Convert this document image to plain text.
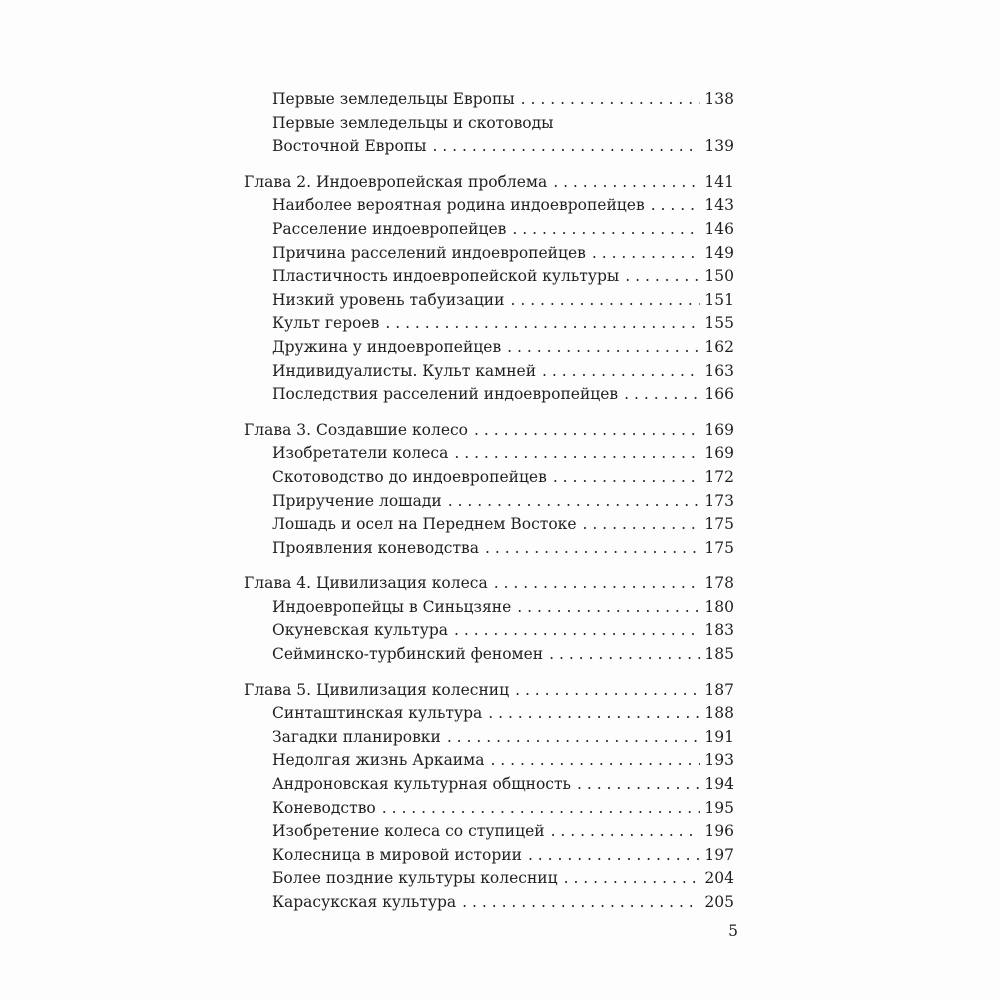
Первые земледельцы Европы . . .	138
Первые земледельцы и скотоводы
Восточной Европы . . .	139
Глава 2. Индоевропейская проблема . . .	141
Наиболее вероятная родина индоевропейцев . . .	143
Расселение индоевропейцев . . .	146
Причина расселений индоевропейцев . . .	149
Пластичность индоевропейской культуры . . .	150
Низкий уровень табуизации . . .	151
Культ героев . . .	155
Дружина у индоевропейцев . . .	162
Индивидуалисты. Культ камней . . .	163
Последствия расселений индоевропейцев . . .	166
Глава 3. Создавшие колесо . . .	169
Изобретатели колеса . . .	169
Скотоводство до индоевропейцев . . .	172
Приручение лошади . . .	173
Лошадь и осел на Переднем Востоке . . .	175
Проявления коневодства . . .	175
Глава 4. Цивилизация колеса . . .	178
Индоевропейцы в Синьцзяне . . .	180
Окуневская культура . . .	183
Сейминско-турбинский феномен . . .	185
Глава 5. Цивилизация колесниц . . .	187
Синташтинская культура . . .	188
Загадки планировки . . .	191
Недолгая жизнь Аркаима . . .	193
Андроновская культурная общность . . .	194
Коневодство . . .	195
Изобретение колеса со ступицей . . .	196
Колесница в мировой истории . . .	197
Более поздние культуры колесниц . . .	204
Карасукская культура . . .	205
5
